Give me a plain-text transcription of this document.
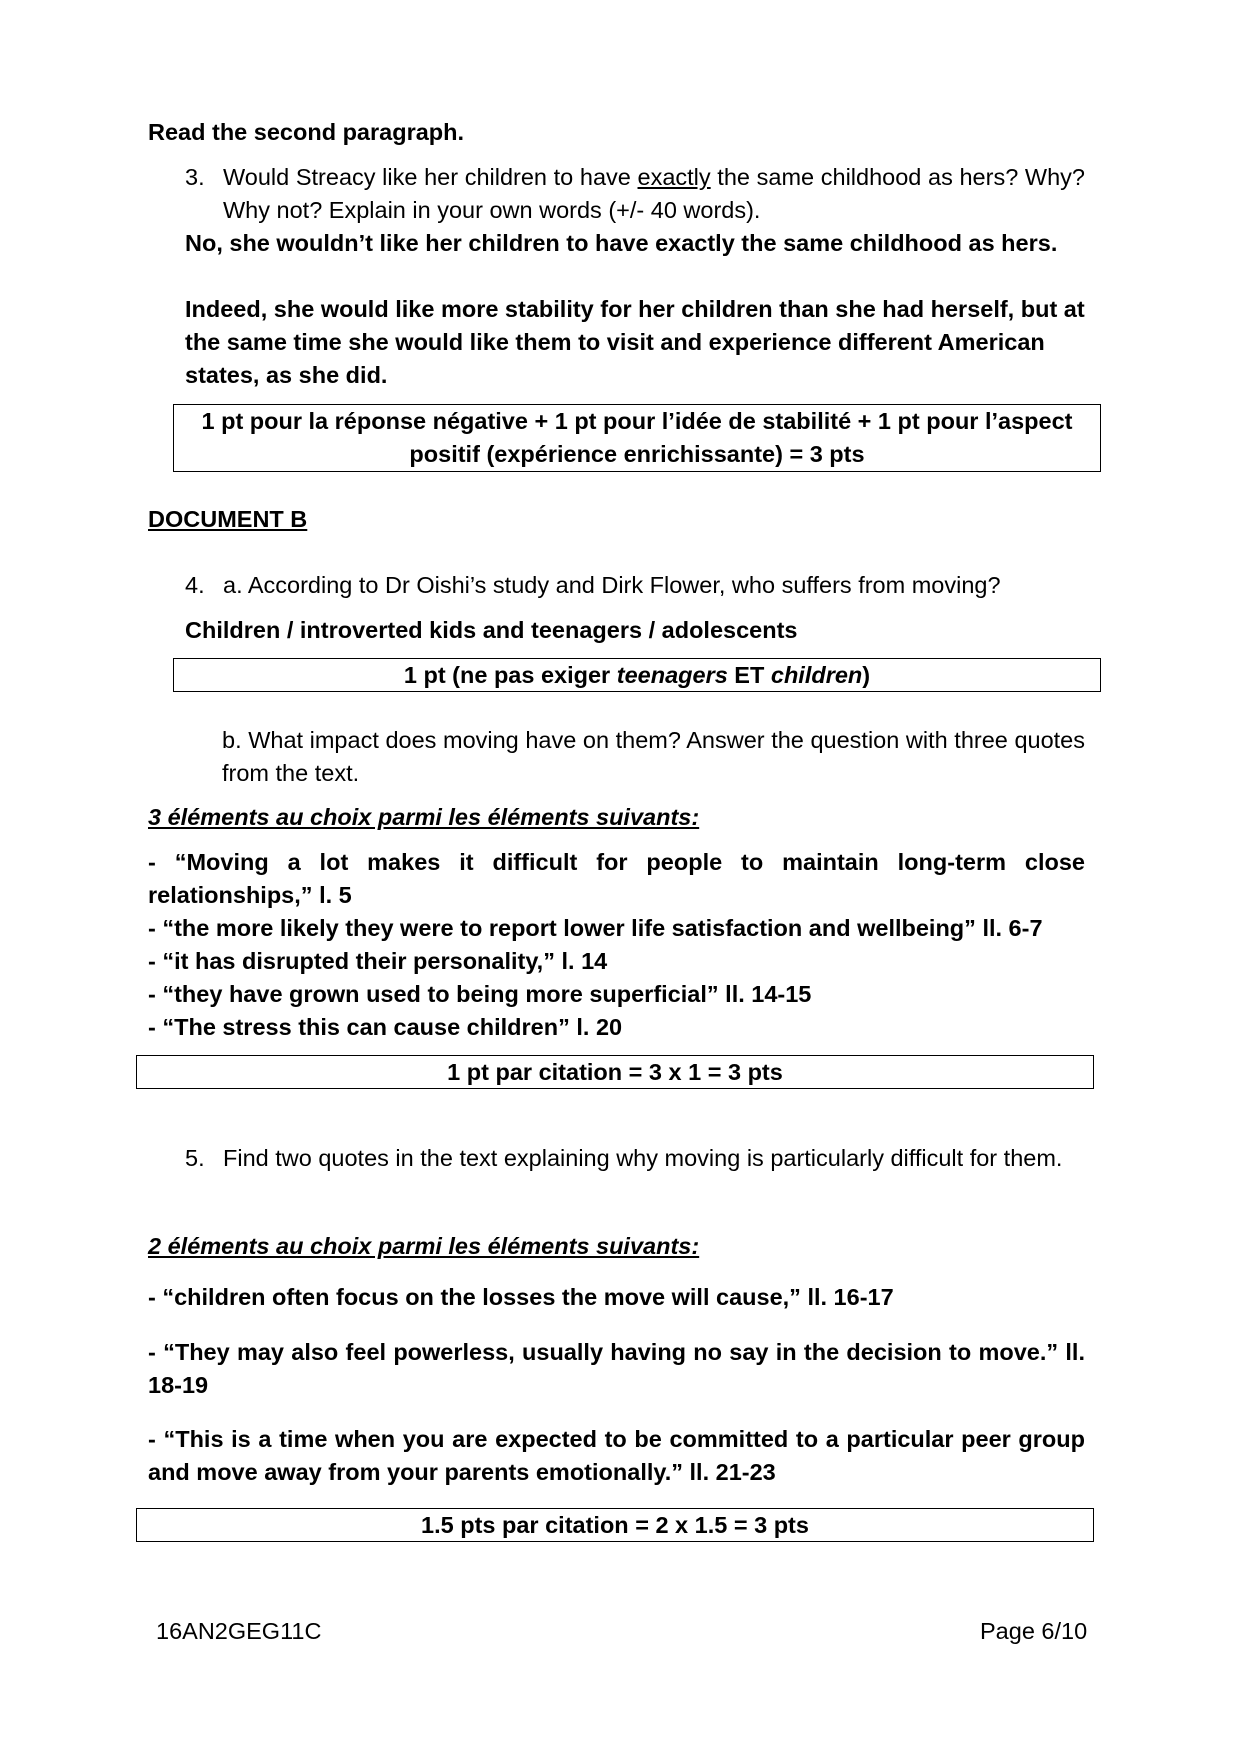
Read the second paragraph.
3. Would Streacy like her children to have exactly the same childhood as hers? Why? Why not? Explain in your own words (+/- 40 words).
No, she wouldn’t like her children to have exactly the same childhood as hers.
Indeed, she would like more stability for her children than she had herself, but at the same time she would like them to visit and experience different American states, as she did.
1 pt pour la réponse négative + 1 pt pour l’idée de stabilité + 1 pt pour l’aspect positif (expérience enrichissante) = 3 pts
DOCUMENT B
4. a. According to Dr Oishi’s study and Dirk Flower, who suffers from moving?
Children / introverted kids and teenagers / adolescents
1 pt (ne pas exiger teenagers ET children)
b. What impact does moving have on them? Answer the question with three quotes from the text.
3 éléments au choix parmi les éléments suivants:
- “Moving a lot makes it difficult for people to maintain long-term close relationships,” l. 5
- “the more likely they were to report lower life satisfaction and wellbeing” ll. 6-7
- “it has disrupted their personality,” l. 14
- “they have grown used to being more superficial” ll. 14-15
- “The stress this can cause children” l. 20
1 pt par citation = 3 x 1 = 3 pts
5. Find two quotes in the text explaining why moving is particularly difficult for them.
2 éléments au choix parmi les éléments suivants:
- “children often focus on the losses the move will cause,” ll. 16-17
- “They may also feel powerless, usually having no say in the decision to move.” ll. 18-19
- “This is a time when you are expected to be committed to a particular peer group and move away from your parents emotionally.” ll. 21-23
1.5 pts par citation = 2 x 1.5 = 3 pts
16AN2GEG11C	Page 6/10
